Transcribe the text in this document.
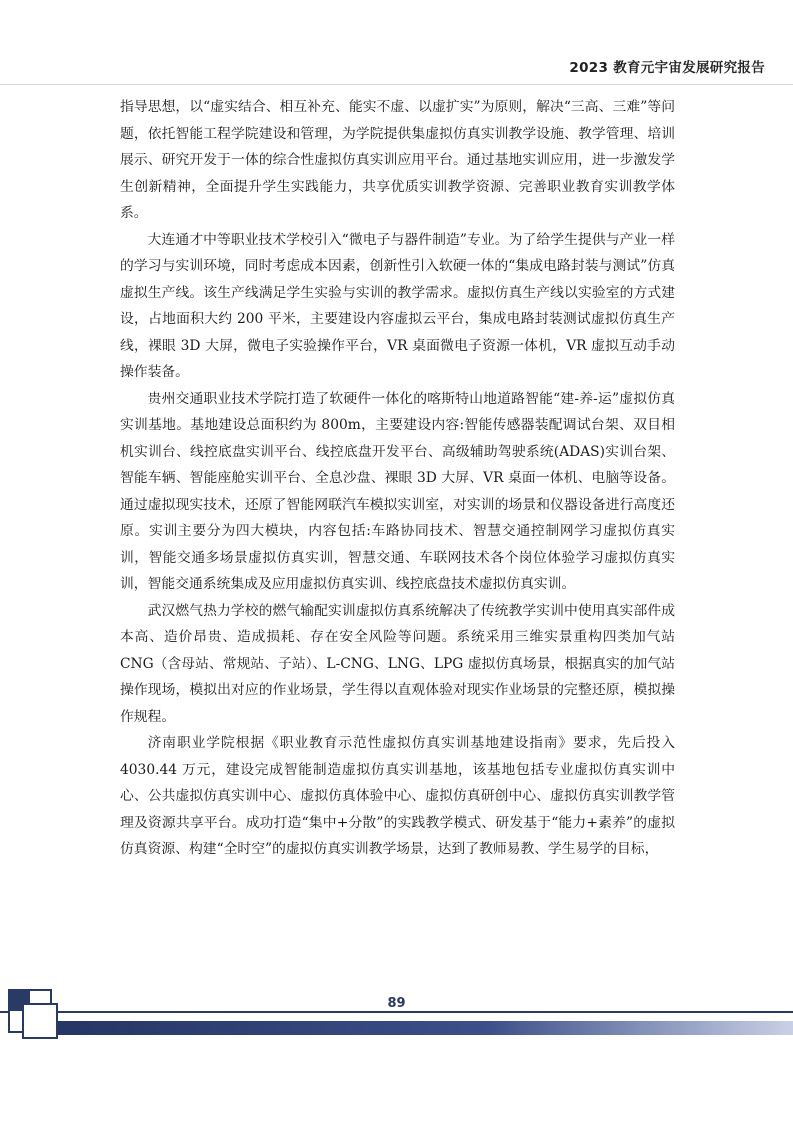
2023 教育元宇宙发展研究报告

指导思想，以“虚实结合、相互补充、能实不虚、以虚扩实”为原则，解决“三高、三难”等问题，依托智能工程学院建设和管理，为学院提供集虚拟仿真实训教学设施、教学管理、培训展示、研究开发于一体的综合性虚拟仿真实训应用平台。通过基地实训应用，进一步激发学生创新精神，全面提升学生实践能力，共享优质实训教学资源、完善职业教育实训教学体系。

大连通才中等职业技术学校引入“微电子与器件制造”专业。为了给学生提供与产业一样的学习与实训环境，同时考虑成本因素，创新性引入软硬一体的“集成电路封装与测试”仿真虚拟生产线。该生产线满足学生实验与实训的教学需求。虚拟仿真生产线以实验室的方式建设，占地面积大约 200 平米，主要建设内容虚拟云平台，集成电路封装测试虚拟仿真生产线，裸眼 3D 大屏，微电子实验操作平台，VR 桌面微电子资源一体机，VR 虚拟互动手动操作装备。

贵州交通职业技术学院打造了软硬件一体化的喀斯特山地道路智能“建-养-运”虚拟仿真实训基地。基地建设总面积约为 800m，主要建设内容:智能传感器装配调试台架、双目相机实训台、线控底盘实训平台、线控底盘开发平台、高级辅助驾驶系统(ADAS)实训台架、智能车辆、智能座舱实训平台、全息沙盘、裸眼 3D 大屏、VR 桌面一体机、电脑等设备。通过虚拟现实技术，还原了智能网联汽车模拟实训室，对实训的场景和仪器设备进行高度还原。实训主要分为四大模块，内容包括:车路协同技术、智慧交通控制网学习虚拟仿真实训，智能交通多场景虚拟仿真实训，智慧交通、车联网技术各个岗位体验学习虚拟仿真实训，智能交通系统集成及应用虚拟仿真实训、线控底盘技术虚拟仿真实训。

武汉燃气热力学校的燃气输配实训虚拟仿真系统解决了传统教学实训中使用真实部件成本高、造价昂贵、造成损耗、存在安全风险等问题。系统采用三维实景重构四类加气站 CNG（含母站、常规站、子站）、L-CNG、LNG、LPG 虚拟仿真场景，根据真实的加气站操作现场，模拟出对应的作业场景，学生得以直观体验对现实作业场景的完整还原，模拟操作规程。

济南职业学院根据《职业教育示范性虚拟仿真实训基地建设指南》要求，先后投入 4030.44 万元，建设完成智能制造虚拟仿真实训基地，该基地包括专业虚拟仿真实训中心、公共虚拟仿真实训中心、虚拟仿真体验中心、虚拟仿真研创中心、虚拟仿真实训教学管理及资源共享平台。成功打造“集中+分散”的实践教学模式、研发基于“能力+素养”的虚拟仿真资源、构建“全时空”的虚拟仿真实训教学场景，达到了教师易教、学生易学的目标，

89
